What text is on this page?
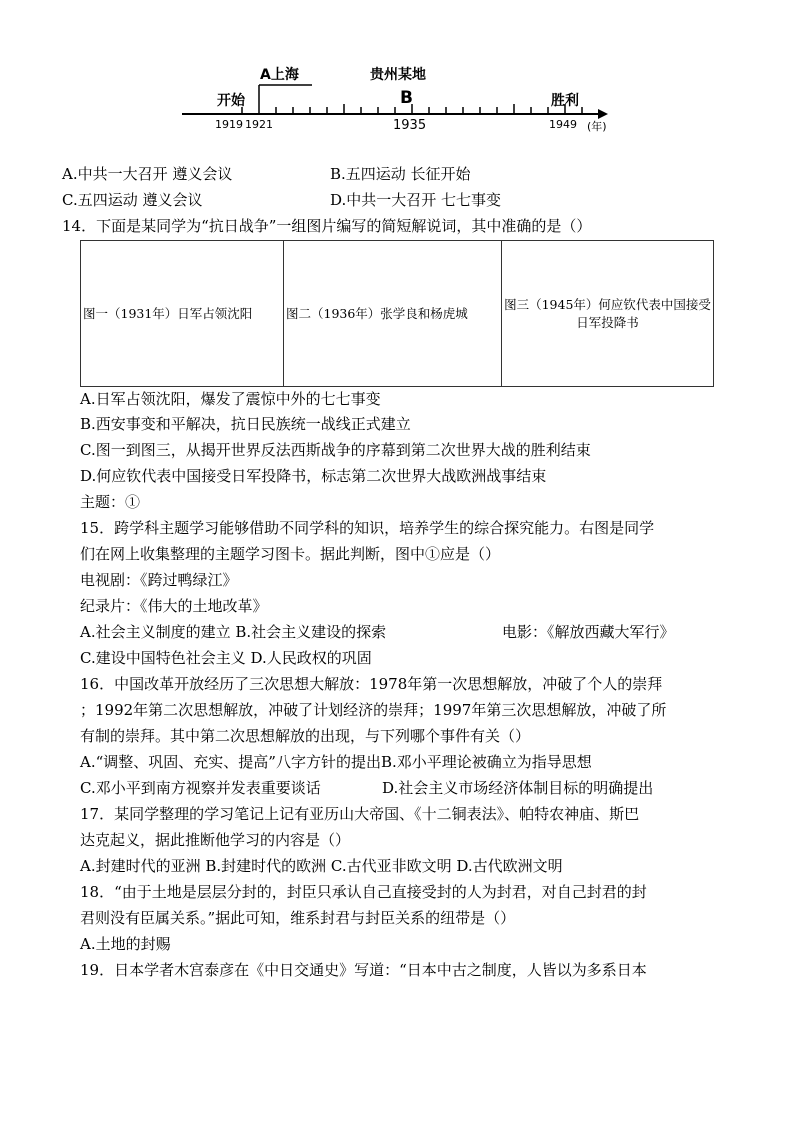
A上海	贵州某地
B
开始	胜利
1919 1921	1935	1949 (年)
A.中共一大召开 遵义会议	B.五四运动 长征开始
C.五四运动 遵义会议	D.中共一大召开 七七事变
14．下面是某同学为“抗日战争”一组图片编写的简短解说词，其中准确的是（）
图一（1931年）日军占领沈阳	图二（1936年）张学良和杨虎城	图三（1945年）何应钦代表中国接受日军投降书
A.日军占领沈阳，爆发了震惊中外的七七事变
B.西安事变和平解决，抗日民族统一战线正式建立
C.图一到图三，从揭开世界反法西斯战争的序幕到第二次世界大战的胜利结束
D.何应钦代表中国接受日军投降书，标志第二次世界大战欧洲战事结束
主题：①
15．跨学科主题学习能够借助不同学科的知识，培养学生的综合探究能力。右图是同学
们在网上收集整理的主题学习图卡。据此判断，图中①应是（）
电视剧：《跨过鸭绿江》
纪录片：《伟大的土地改革》
A.社会主义制度的建立 B.社会主义建设的探索	电影：《解放西藏大军行》
C.建设中国特色社会主义 D.人民政权的巩固
16．中国改革开放经历了三次思想大解放：1978年第一次思想解放，冲破了个人的崇拜
；1992年第二次思想解放，冲破了计划经济的崇拜；1997年第三次思想解放，冲破了所
有制的崇拜。其中第二次思想解放的出现，与下列哪个事件有关（）
A.“调整、巩固、充实、提高”八字方针的提出B.邓小平理论被确立为指导思想
C.邓小平到南方视察并发表重要谈话	D.社会主义市场经济体制目标的明确提出
17．某同学整理的学习笔记上记有亚历山大帝国、《十二铜表法》、帕特农神庙、斯巴
达克起义，据此推断他学习的内容是（）
A.封建时代的亚洲 B.封建时代的欧洲 C.古代亚非欧文明 D.古代欧洲文明
18．“由于土地是层层分封的，封臣只承认自己直接受封的人为封君，对自己封君的封
君则没有臣属关系。”据此可知，维系封君与封臣关系的纽带是（）
A.土地的封赐
19．日本学者木宫泰彦在《中日交通史》写道：“日本中古之制度，人皆以为多系日本
